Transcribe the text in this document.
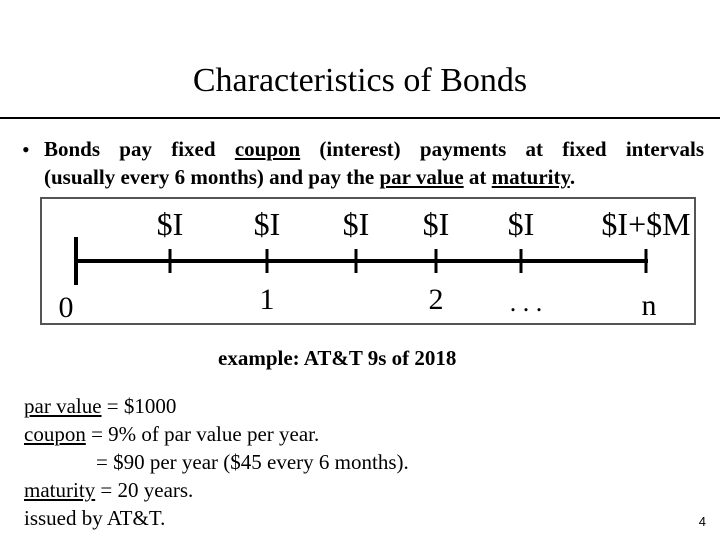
Characteristics of Bonds
• Bonds pay fixed coupon (interest) payments at fixed intervals
(usually every 6 months) and pay the par value at maturity.
$I $I $I $I $I $I+$M
0	1	2	. . .	n
example: AT&T 9s of 2018
par value = $1000
coupon = 9% of par value per year.
= $90 per year ($45 every 6 months).
maturity = 20 years.
issued by AT&T.	4
